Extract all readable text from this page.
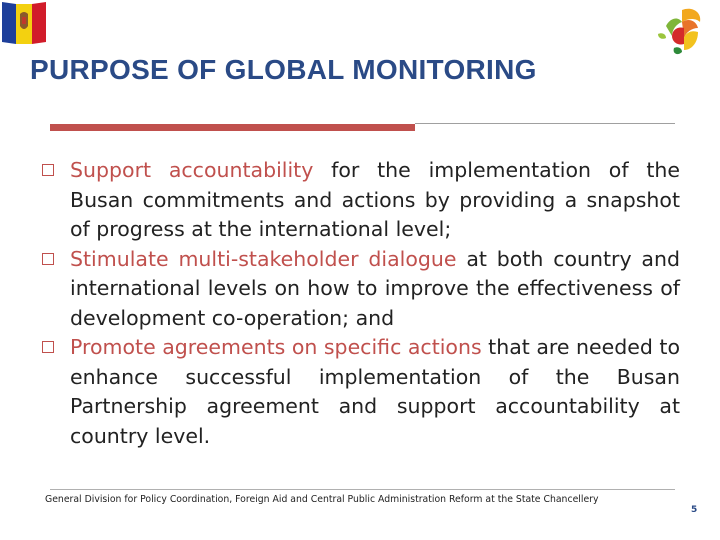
PURPOSE OF GLOBAL MONITORING
Support accountability for the implementation of the Busan commitments and actions by providing a snapshot of progress at the international level;
Stimulate multi-stakeholder dialogue at both country and international levels on how to improve the effectiveness of development co-operation; and
Promote agreements on specific actions that are needed to enhance successful implementation of the Busan Partnership agreement and support accountability at country level.
General Division for Policy Coordination, Foreign Aid and Central Public Administration Reform at the State Chancellery
5
